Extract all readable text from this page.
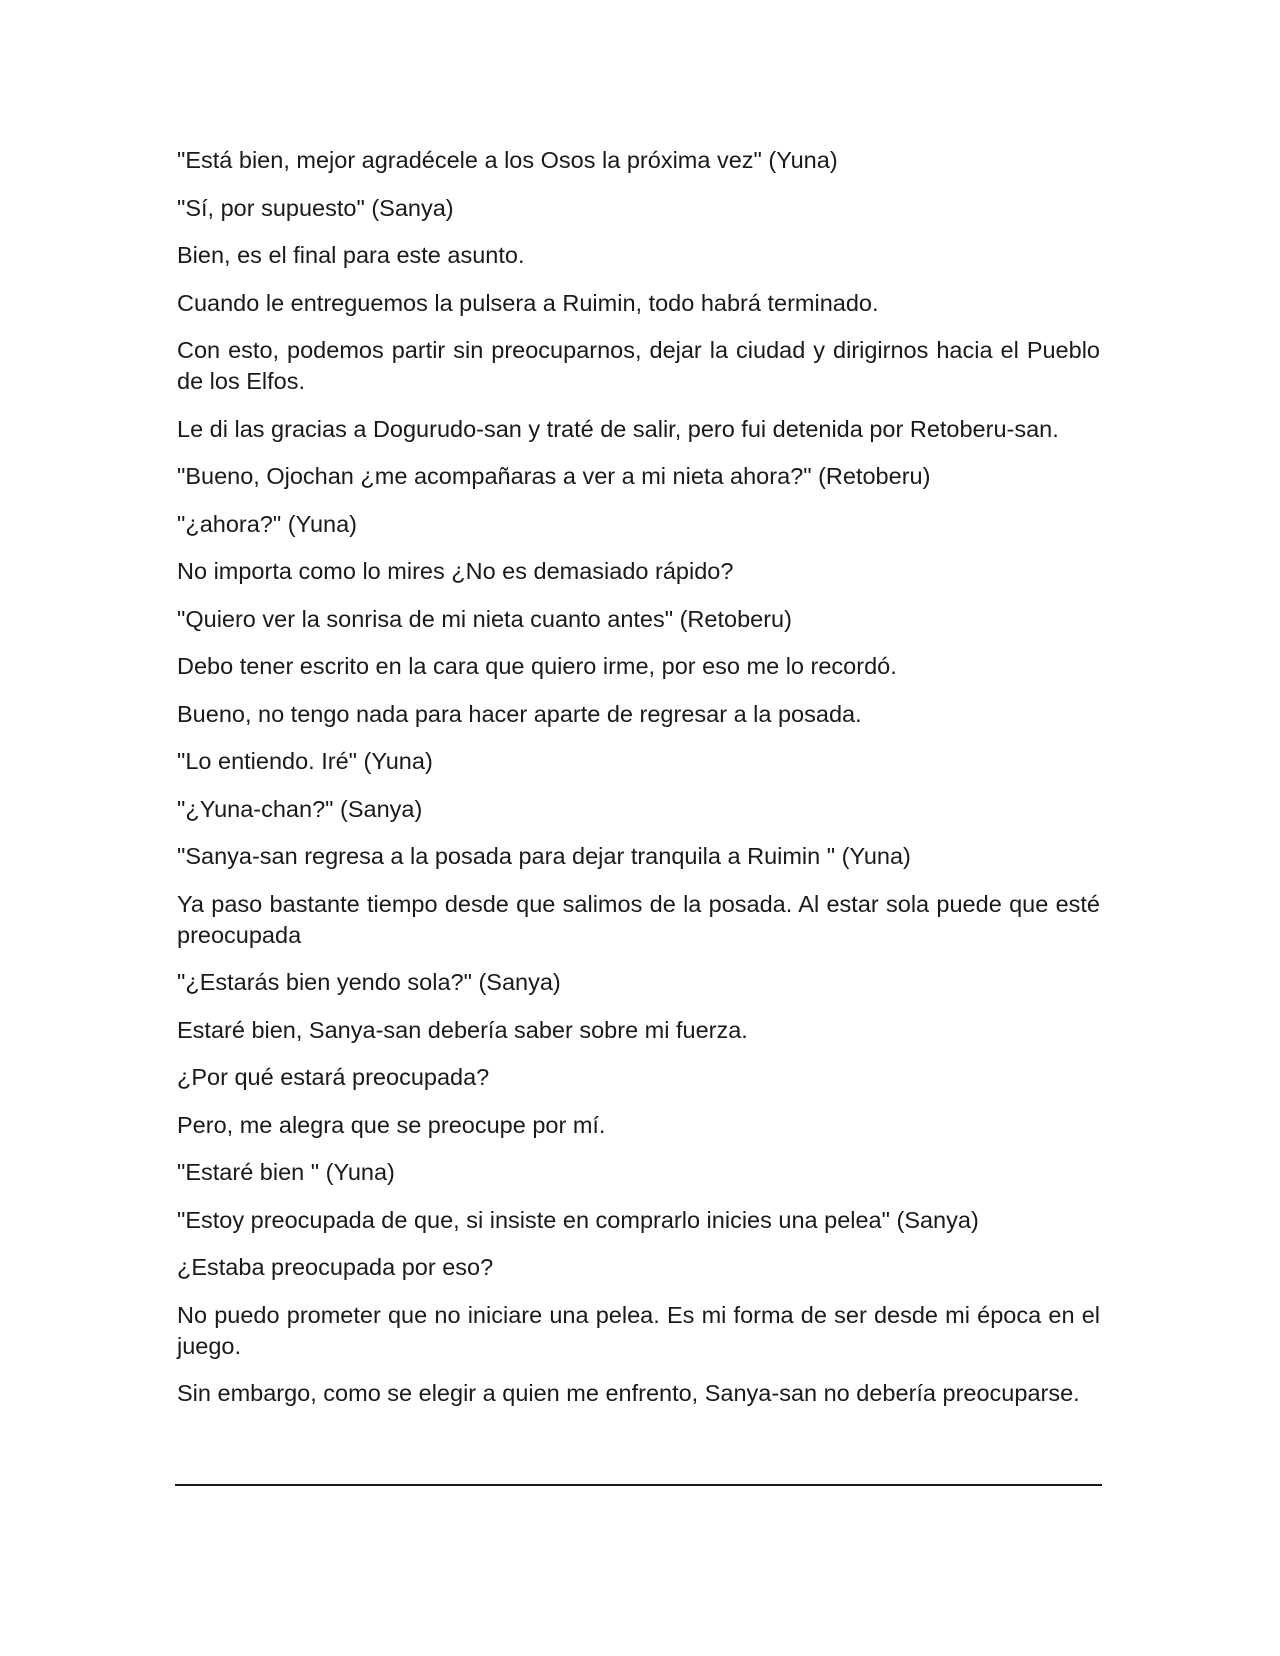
"Está bien, mejor agradécele a los Osos la próxima vez" (Yuna)

"Sí, por supuesto" (Sanya)

Bien, es el final para este asunto.

Cuando le entreguemos la pulsera a Ruimin, todo habrá terminado.

Con esto, podemos partir sin preocuparnos, dejar la ciudad y dirigirnos hacia el Pueblo de los Elfos.

Le di las gracias a Dogurudo-san y traté de salir, pero fui detenida por Retoberu-san.

"Bueno, Ojochan ¿me acompañaras a ver a mi nieta ahora?" (Retoberu)

"¿ahora?" (Yuna)

No importa como lo mires ¿No es demasiado rápido?

"Quiero ver la sonrisa de mi nieta cuanto antes" (Retoberu)

Debo tener escrito en la cara que quiero irme, por eso me lo recordó.

Bueno, no tengo nada para hacer aparte de regresar a la posada.

"Lo entiendo. Iré" (Yuna)

"¿Yuna-chan?" (Sanya)

"Sanya-san regresa a la posada para dejar tranquila a Ruimin " (Yuna)

Ya paso bastante tiempo desde que salimos de la posada. Al estar sola puede que esté preocupada

"¿Estarás bien yendo sola?" (Sanya)

Estaré bien, Sanya-san debería saber sobre mi fuerza.

¿Por qué estará preocupada?

Pero, me alegra que se preocupe por mí.

"Estaré bien " (Yuna)

"Estoy preocupada de que, si insiste en comprarlo inicies una pelea" (Sanya)

¿Estaba preocupada por eso?

No puedo prometer que no iniciare una pelea. Es mi forma de ser desde mi época en el juego.

Sin embargo, como se elegir a quien me enfrento, Sanya-san no debería preocuparse.
